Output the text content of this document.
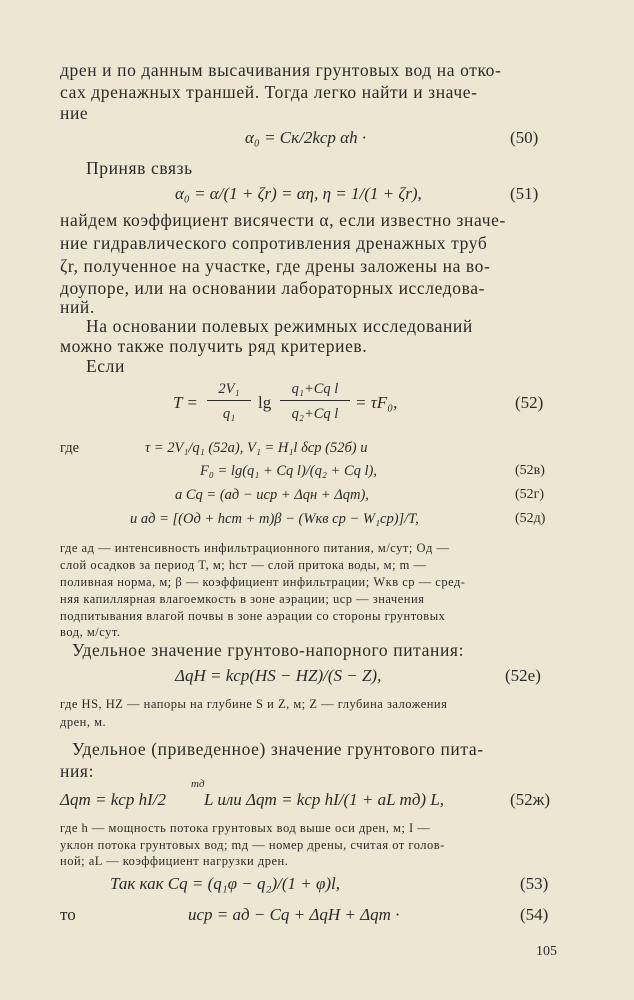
дрен и по данным высачивания грунтовых вод на отко-
сах дренажных траншей. Тогда легко найти и значе-
ние
α₀ = Cк/2kср αh ·	(50)
Приняв связь
α₀ = α/(1 + ζr) = αη, η = 1/(1 + ζr),	(51)
найдем коэффициент висячести α, если известно значе-
ние гидравлического сопротивления дренажных труб
ζr, полученное на участке, где дрены заложены на во-
доупоре, или на основании лабораторных исследова-
ний.
На основании полевых режимных исследований
можно также получить ряд критериев.
Если
T =
2V₁
q₁
lg
q₁+Cq l
q₂+Cq l
= τF₀,	(52)
где	τ = 2V₁/q₁ (52а), V₁ = H₁l δср (52б) и
F₀ = lg(q₁ + Cq l)/(q₂ + Cq l),	(52в)
а Cq = (aд − uср + Δqн + Δqm),	(52г)
и aд = [(Oд + hст + m)β − (Wкв ср − W₁ср)]/T,	(52д)
где aд — интенсивность инфильтрационного питания, м/сут; Oд —
слой осадков за период T, м; hст — слой притока воды, м; m —
поливная норма, м; β — коэффициент инфильтрации; Wкв ср — сред-
няя капиллярная влагоемкость в зоне аэрации; uср — значения
подпитывания влагой почвы в зоне аэрации со стороны грунтовых
вод, м/сут.
Удельное значение грунтово-напорного питания:
ΔqH = kср(HS − HZ)/(S − Z),	(52е)
где HS, HZ — напоры на глубине S и Z, м; Z — глубина заложения
дрен, м.
Удельное (приведенное) значение грунтового пита-
ния:
Δqm = kср hI/2
mд
L или Δqm = kср hI/(1 + aL mд) L,	(52ж)
где h — мощность потока грунтовых вод выше оси дрен, м; I —
уклон потока грунтовых вод; mд — номер дрены, считая от голов-
ной; aL — коэффициент нагрузки дрен.
Так как Cq = (q₁φ − q₂)/(1 + φ)l,	(53)
то	uср = aд − Cq + ΔqH + Δqm ·	(54)
105
